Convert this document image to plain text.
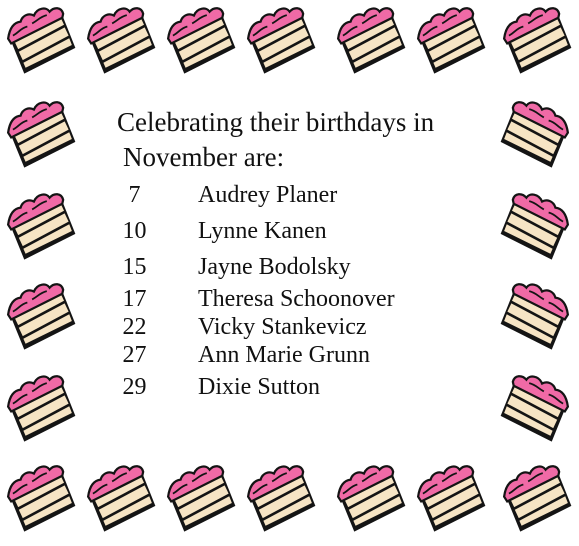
Celebrating their birthdays in

November are:
7	Audrey Planer
10	Lynne Kanen
15	Jayne Bodolsky
17	Theresa Schoonover
22	Vicky Stankevicz
27	Ann Marie Grunn
29	Dixie Sutton
